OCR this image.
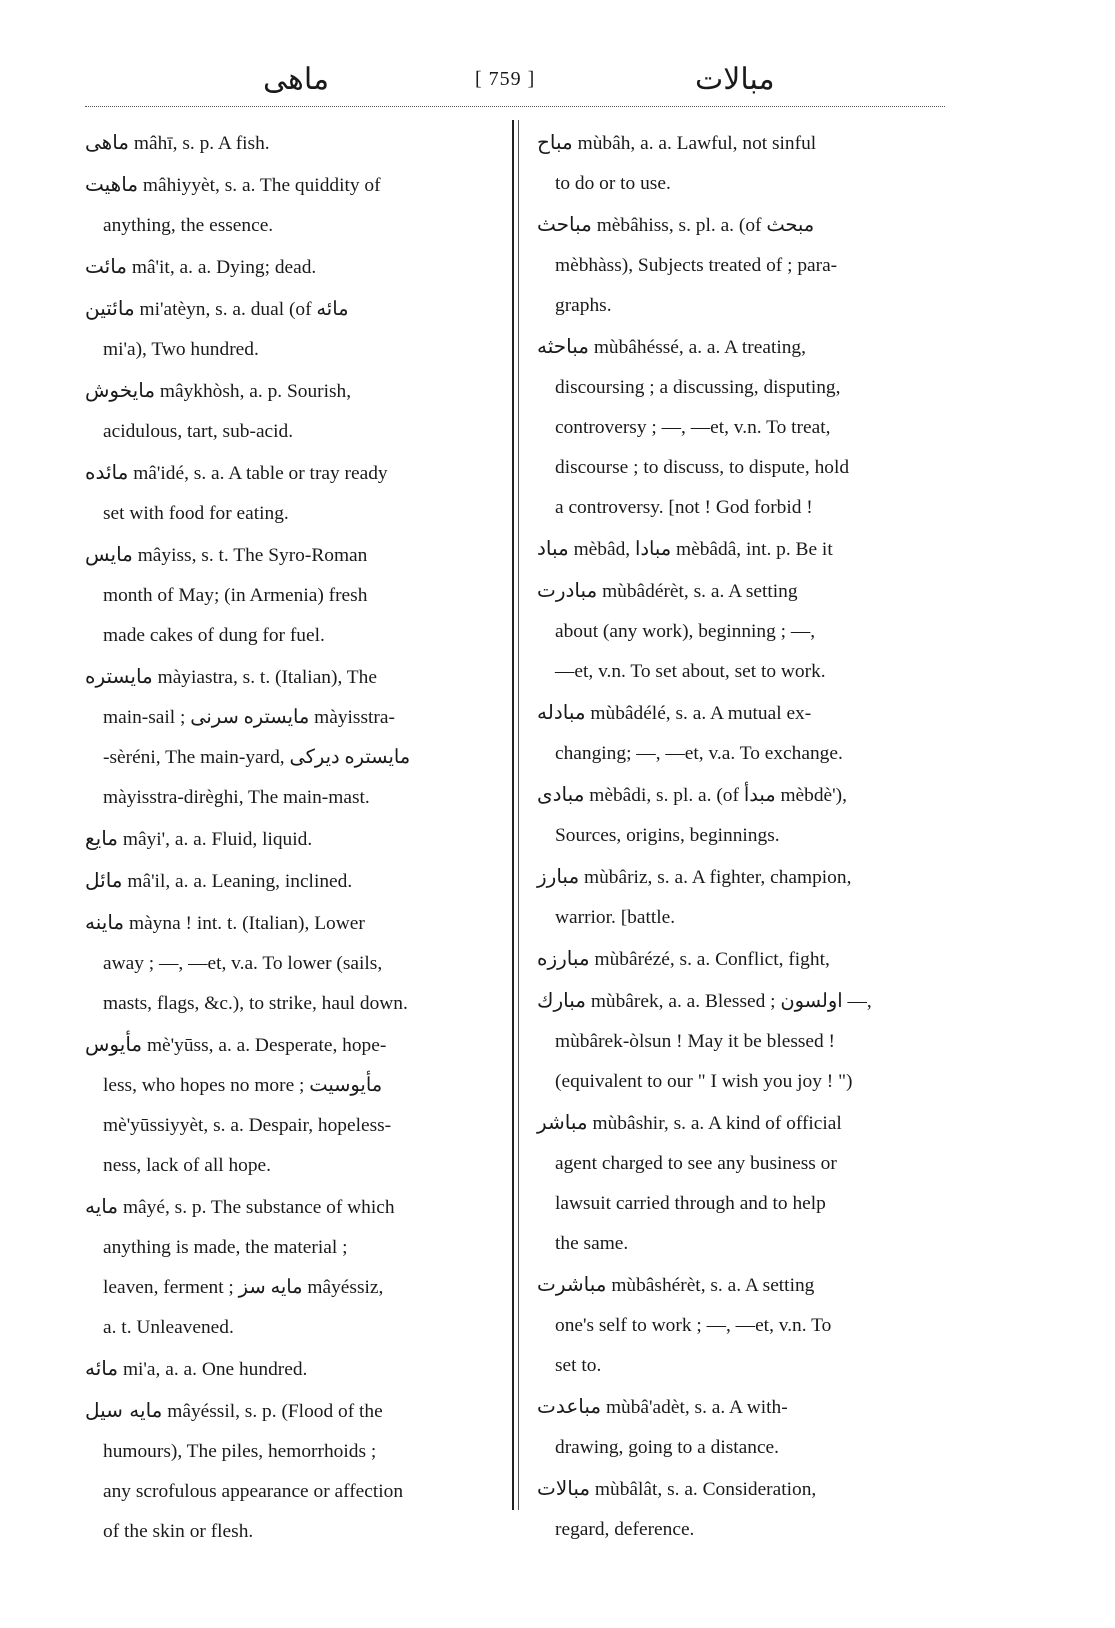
ماهی	[ 759 ]	مبالات
ماهی mâhī, s. p. A fish.
ماهیت mâhiyyèt, s. a. The quiddity of
anything, the essence.
مائت mâ'it, a. a. Dying; dead.
مائتین mi'atèyn, s. a. dual (of مائه
mi'a), Two hundred.
مایخوش mâykhòsh, a. p. Sourish,
acidulous, tart, sub-acid.
مائده mâ'idé, s. a. A table or tray ready
set with food for eating.
مایس mâyiss, s. t. The Syro-Roman
month of May; (in Armenia) fresh
made cakes of dung for fuel.
مایستره màyiastra, s. t. (Italian), The
main-sail ; مایستره سرنی màyisstra-
-sèréni, The main-yard, مایستره دیرکی
màyisstra-dirèghi, The main-mast.
مایع mâyi', a. a. Fluid, liquid.
مائل mâ'il, a. a. Leaning, inclined.
ماینه màyna ! int. t. (Italian), Lower
away ; —, —et, v.a. To lower (sails,
masts, flags, &c.), to strike, haul down.
مأیوس mè'yūss, a. a. Desperate, hope-
less, who hopes no more ; مأیوسیت
mè'yūssiyyèt, s. a. Despair, hopeless-
ness, lack of all hope.
مایه mâyé, s. p. The substance of which
anything is made, the material ;
leaven, ferment ; مایه سز mâyéssiz,
a. t. Unleavened.
مائه mi'a, a. a. One hundred.
مایه سیل mâyéssil, s. p. (Flood of the
humours), The piles, hemorrhoids ;
any scrofulous appearance or affection
of the skin or flesh.
مباح mùbâh, a. a. Lawful, not sinful
to do or to use.
مباحث mèbâhiss, s. pl. a. (of مبحث
mèbhàss), Subjects treated of ; para-
graphs.
مباحثه mùbâhéssé, a. a. A treating,
discoursing ; a discussing, disputing,
controversy ; —, —et, v.n. To treat,
discourse ; to discuss, to dispute, hold
a controversy. [not ! God forbid !
مباد mèbâd, مبادا mèbâdâ, int. p. Be it
مبادرت mùbâdérèt, s. a. A setting
about (any work), beginning ; —,
—et, v.n. To set about, set to work.
مبادله mùbâdélé, s. a. A mutual ex-
changing; —, —et, v.a. To exchange.
مبادی mèbâdi, s. pl. a. (of مبدأ mèbdè'),
Sources, origins, beginnings.
مبارز mùbâriz, s. a. A fighter, champion,
warrior. [battle.
مبارزه mùbârézé, s. a. Conflict, fight,
مبارك mùbârek, a. a. Blessed ; اولسون —,
mùbârek-òlsun ! May it be blessed !
(equivalent to our " I wish you joy ! ")
مباشر mùbâshir, s. a. A kind of official
agent charged to see any business or
lawsuit carried through and to help
the same.
مباشرت mùbâshérèt, s. a. A setting
one's self to work ; —, —et, v.n. To
set to.
مباعدت mùbâ'adèt, s. a. A with-
drawing, going to a distance.
مبالات mùbâlât, s. a. Consideration,
regard, deference.
